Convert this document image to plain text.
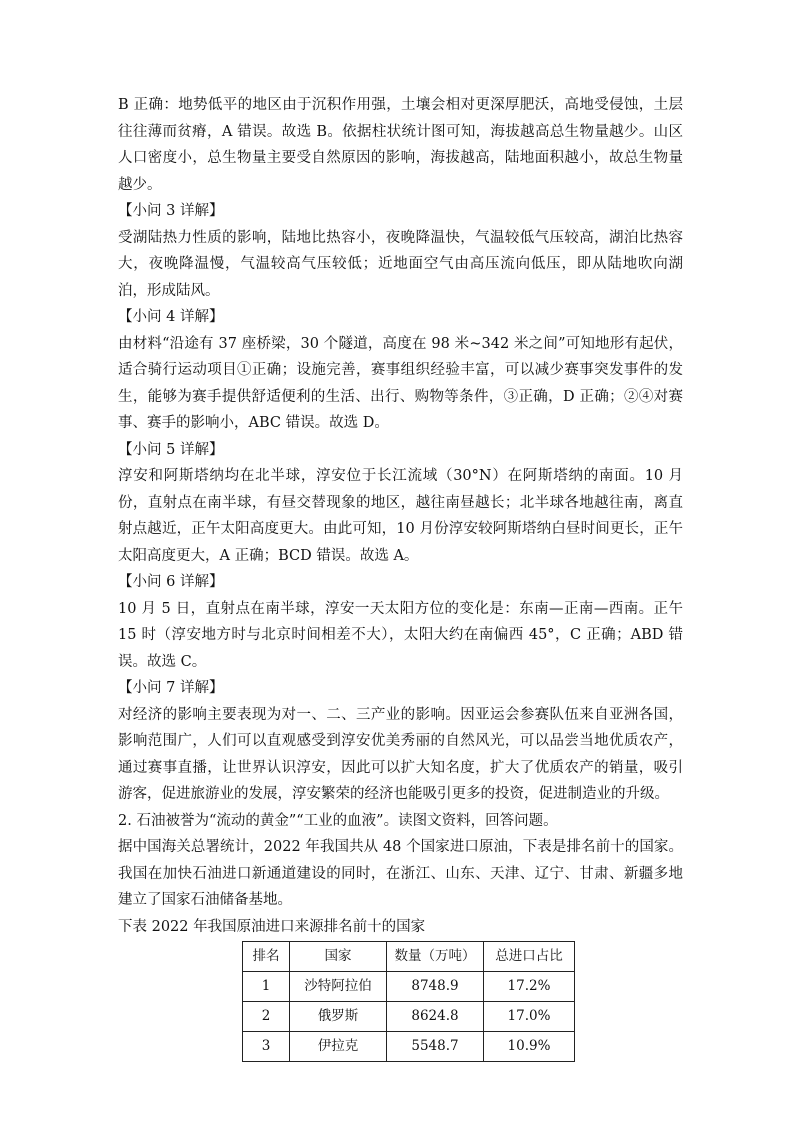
B 正确：地势低平的地区由于沉积作用强，土壤会相对更深厚肥沃，高地受侵蚀，土层往往薄而贫瘠，A 错误。故选 B。依据柱状统计图可知，海拔越高总生物量越少。山区人口密度小，总生物量主要受自然原因的影响，海拔越高，陆地面积越小，故总生物量越少。

【小问 3 详解】

受湖陆热力性质的影响，陆地比热容小，夜晚降温快，气温较低气压较高，湖泊比热容大，夜晚降温慢，气温较高气压较低；近地面空气由高压流向低压，即从陆地吹向湖泊，形成陆风。

【小问 4 详解】

由材料“沿途有 37 座桥梁，30 个隧道，高度在 98 米~342 米之间”可知地形有起伏，适合骑行运动项目①正确；设施完善，赛事组织经验丰富，可以减少赛事突发事件的发生，能够为赛手提供舒适便利的生活、出行、购物等条件，③正确，D 正确；②④对赛事、赛手的影响小，ABC 错误。故选 D。

【小问 5 详解】

淳安和阿斯塔纳均在北半球，淳安位于长江流域（30°N）在阿斯塔纳的南面。10 月份，直射点在南半球，有昼交替现象的地区，越往南昼越长；北半球各地越往南，离直射点越近，正午太阳高度更大。由此可知，10 月份淳安较阿斯塔纳白昼时间更长，正午太阳高度更大，A 正确；BCD 错误。故选 A。

【小问 6 详解】

10 月 5 日，直射点在南半球，淳安一天太阳方位的变化是：东南—正南—西南。正午 15 时（淳安地方时与北京时间相差不大），太阳大约在南偏西 45°，C 正确；ABD 错误。故选 C。

【小问 7 详解】

对经济的影响主要表现为对一、二、三产业的影响。因亚运会参赛队伍来自亚洲各国，影响范围广，人们可以直观感受到淳安优美秀丽的自然风光，可以品尝当地优质农产，通过赛事直播，让世界认识淳安，因此可以扩大知名度，扩大了优质农产的销量，吸引游客，促进旅游业的发展，淳安繁荣的经济也能吸引更多的投资，促进制造业的升级。

2. 石油被誉为“流动的黄金”“工业的血液”。读图文资料，回答问题。

据中国海关总署统计，2022 年我国共从 48 个国家进口原油，下表是排名前十的国家。我国在加快石油进口新通道建设的同时，在浙江、山东、天津、辽宁、甘肃、新疆多地建立了国家石油储备基地。

下表 2022 年我国原油进口来源排名前十的国家

排名	国家	数量（万吨）	总进口占比
1	沙特阿拉伯	8748.9	17.2%
2	俄罗斯	8624.8	17.0%
3	伊拉克	5548.7	10.9%
